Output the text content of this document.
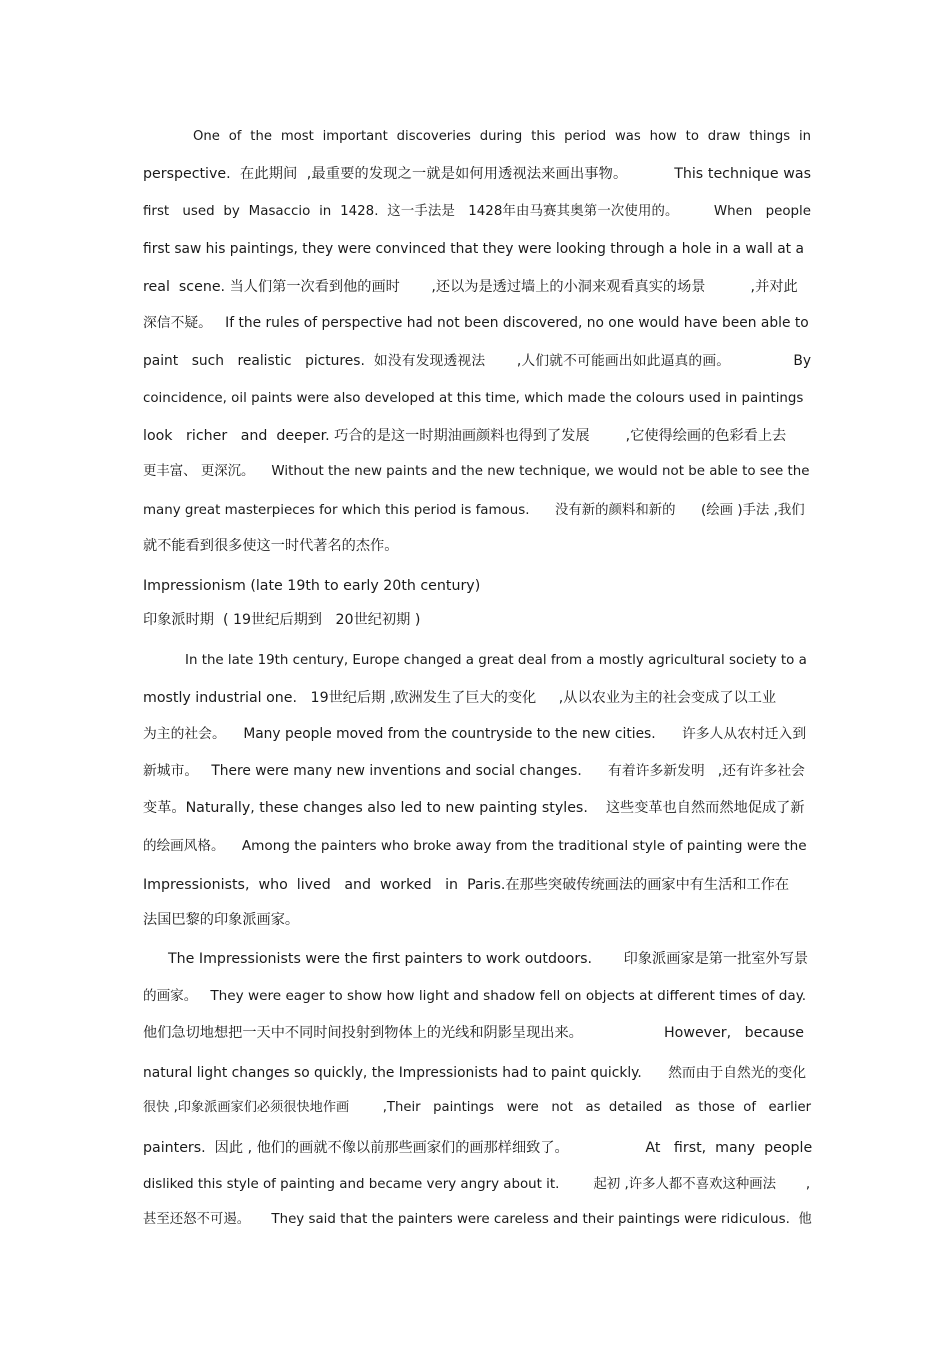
One  of  the  most  important  discoveries  during  this  period  was  how  to  draw  things  in
perspective.  在此期间  ,最重要的发现之一就是如何用透视法来画出事物。          This technique was
first   used  by  Masaccio  in  1428.  这一手法是   1428年由马赛其奥第一次使用的。        When   people
first saw his paintings, they were convinced that they were looking through a hole in a wall at a
real  scene. 当人们第一次看到他的画时       ,还以为是透过墙上的小洞来观看真实的场景          ,并对此
深信不疑。   If the rules of perspective had not been discovered, no one would have been able to
paint   such   realistic   pictures.  如没有发现透视法       ,人们就不可能画出如此逼真的画。              By
coincidence, oil paints were also developed at this time, which made the colours used in paintings
look   richer   and  deeper. 巧合的是这一时期油画颜料也得到了发展        ,它使得绘画的色彩看上去
更丰富、 更深沉。    Without the new paints and the new technique, we would not be able to see the
many great masterpieces for which this period is famous.      没有新的颜料和新的      (绘画 )手法 ,我们
就不能看到很多使这一时代著名的杰作。
Impressionism (late 19th to early 20th century)
印象派时期  ( 19世纪后期到   20世纪初期 )
In the late 19th century, Europe changed a great deal from a mostly agricultural society to a
mostly industrial one.   19世纪后期 ,欧洲发生了巨大的变化     ,从以农业为主的社会变成了以工业
为主的社会。    Many people moved from the countryside to the new cities.      许多人从农村迁入到
新城市。   There were many new inventions and social changes.      有着许多新发明   ,还有许多社会
变革。Naturally, these changes also led to new painting styles.    这些变革也自然而然地促成了新
的绘画风格。    Among the painters who broke away from the traditional style of painting were the
Impressionists,  who  lived   and  worked   in  Paris.在那些突破传统画法的画家中有生活和工作在
法国巴黎的印象派画家。
The Impressionists were the first painters to work outdoors.       印象派画家是第一批室外写景
的画家。   They were eager to show how light and shadow fell on objects at different times of day.
他们急切地想把一天中不同时间投射到物体上的光线和阴影呈现出来。                  However,   because
natural light changes so quickly, the Impressionists had to paint quickly.      然而由于自然光的变化
很快 ,印象派画家们必须很快地作画        ,Their   paintings   were   not   as  detailed   as  those  of   earlier
painters.  因此 , 他们的画就不像以前那些画家们的画那样细致了。                 At   first,  many  people
disliked this style of painting and became very angry about it.        起初 ,许多人都不喜欢这种画法       ,
甚至还怒不可遏。     They said that the painters were careless and their paintings were ridiculous.  他
